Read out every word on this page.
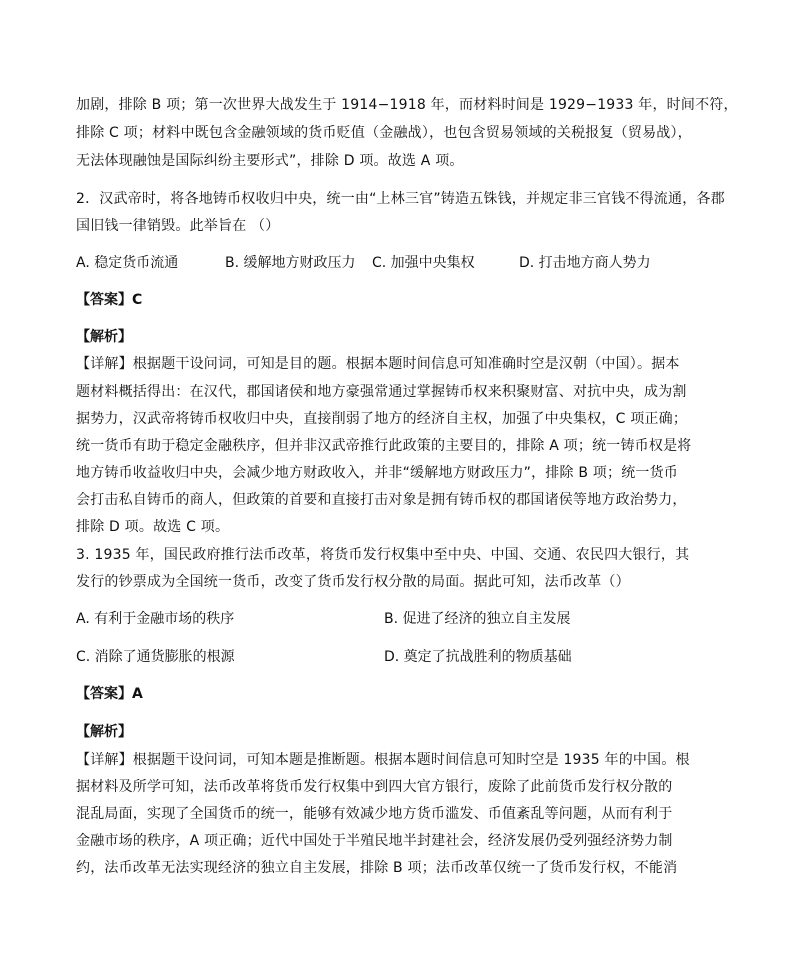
加剧，排除 B 项；第一次世界大战发生于 1914−1918 年，而材料时间是 1929−1933 年，时间不符，
排除 C 项；材料中既包含金融领域的货币贬值（金融战），也包含贸易领域的关税报复（贸易战），
无法体现融蚀是国际纠纷主要形式”，排除 D 项。故选 A 项。
2．汉武帝时，将各地铸币权收归中央，统一由“上林三官”铸造五铢钱，并规定非三官钱不得流通，各郡
国旧钱一律销毁。此举旨在 （）
A. 稳定货币流通	B. 缓解地方财政压力 C. 加强中央集权	D. 打击地方商人势力
【答案】C
【解析】
【详解】根据题干设问词，可知是目的题。根据本题时间信息可知准确时空是汉朝（中国）。据本
题材料概括得出：在汉代，郡国诸侯和地方豪强常通过掌握铸币权来积聚财富、对抗中央，成为割
据势力，汉武帝将铸币权收归中央，直接削弱了地方的经济自主权，加强了中央集权，C 项正确；
统一货币有助于稳定金融秩序，但并非汉武帝推行此政策的主要目的，排除 A 项；统一铸币权是将
地方铸币收益收归中央，会减少地方财政收入，并非“缓解地方财政压力”，排除 B 项；统一货币
会打击私自铸币的商人，但政策的首要和直接打击对象是拥有铸币权的郡国诸侯等地方政治势力，
排除 D 项。故选 C 项。
3. 1935 年，国民政府推行法币改革，将货币发行权集中至中央、中国、交通、农民四大银行，其
发行的钞票成为全国统一货币，改变了货币发行权分散的局面。据此可知，法币改革（）
A. 有利于金融市场的秩序	B. 促进了经济的独立自主发展
C. 消除了通货膨胀的根源	D. 奠定了抗战胜利的物质基础
【答案】A
【解析】
【详解】根据题干设问词，可知本题是推断题。根据本题时间信息可知时空是 1935 年的中国。根
据材料及所学可知，法币改革将货币发行权集中到四大官方银行，废除了此前货币发行权分散的
混乱局面，实现了全国货币的统一，能够有效减少地方货币滥发、币值紊乱等问题，从而有利于
金融市场的秩序，A 项正确；近代中国处于半殖民地半封建社会，经济发展仍受列强经济势力制
约，法币改革无法实现经济的独立自主发展，排除 B 项；法币改革仅统一了货币发行权，不能消
